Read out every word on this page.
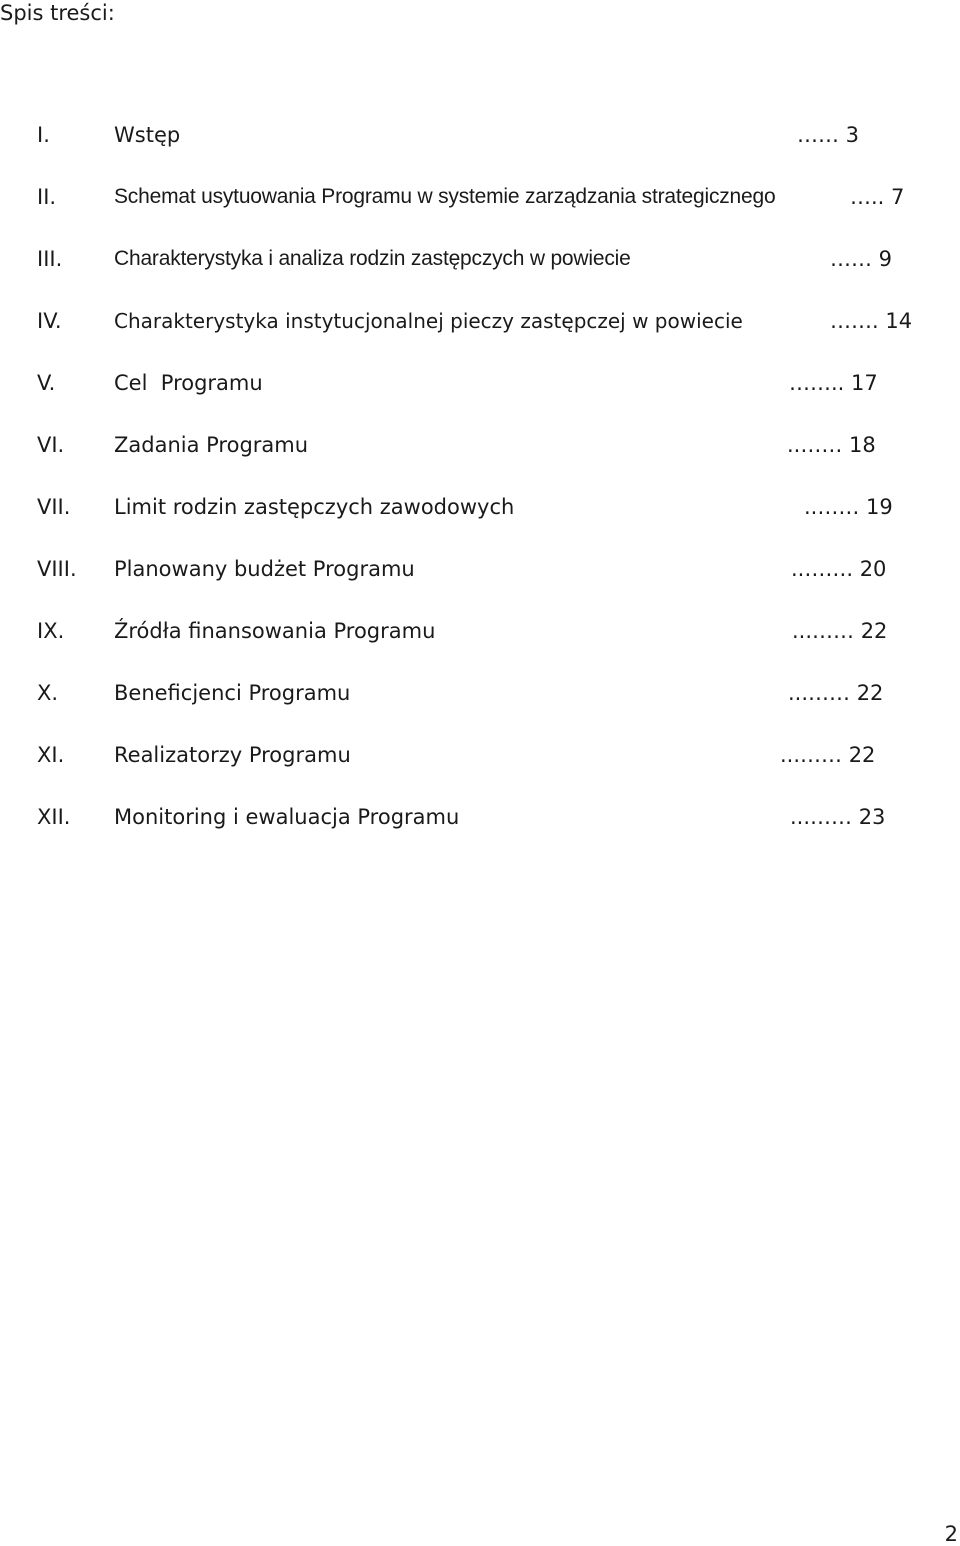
Spis treści:
I.	Wstęp	…… 3
II.	Schemat usytuowania Programu w systemie zarządzania strategicznego	….. 7
III. Charakterystyka i analiza rodzin zastępczych w powiecie	…… 9
IV.	Charakterystyka instytucjonalnej pieczy zastępczej w powiecie	……. 14
V.	Cel  Programu	…….. 17
VI. Zadania Programu	..…… 18
VII. Limit rodzin zastępczych zawodowych	..…… 19
VIII. Planowany budżet Programu	..……. 20
IX. Źródła finansowania Programu	...…… 22
X.	Beneficjenci Programu	...…… 22
XI. Realizatorzy Programu	...…… 22
XII. Monitoring i ewaluacja Programu	...…… 23
2
